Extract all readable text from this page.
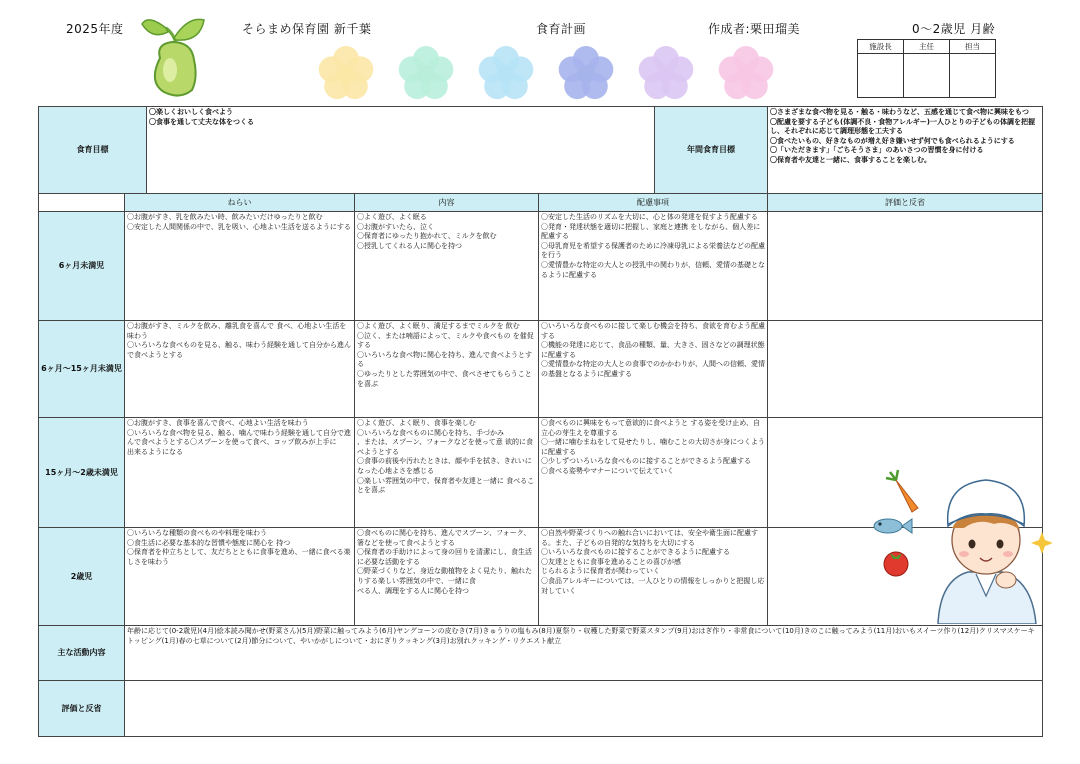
2025年度	そらまめ保育園 新千葉	食育計画	作成者:栗田瑠美	0〜2歳児 月齢
施設長	主任	担当

食育目標		〇楽しくおいしく食べよう
〇食事を通して丈夫な体をつくる			年間食育目標	〇さまざまな食べ物を見る・触る・味わうなど、五感を通じて食べ物に興味をもつ
〇配慮を要する子ども(体調不良・食物アレルギー)一人ひとりの子どもの体調を把握し、それぞれに応じて調理形態を工夫する
〇食べたいもの、好きなものが増え好き嫌いせず何でも食べられるようにする
〇「いただきます」「ごちそうさま」のあいさつの習慣を身に付ける
〇保育者や友達と一緒に、食事することを楽しむ。

	ねらい		内容	配慮事項		評価と反省
6ヶ月未満児	〇お腹がすき、乳を飲みたい時、飲みたいだけゆったりと飲む
〇安定した人間関係の中で、乳を吸い、心地よい生活を送るようにする		〇よく遊び、よく眠る
〇お腹がすいたら、泣く
〇保育者にゆったり抱かれて、ミルクを飲む
〇授乳してくれる人に関心を持つ	〇安定した生活のリズムを大切に、心と体の発達を促すよう配慮する
〇発育・発達状態を適切に把握し、家庭と連携 をしながら、個人差に配慮する
〇母乳育児を希望する保護者のために冷凍母乳による栄養法などの配慮を行う
〇愛情豊かな特定の大人との授乳中の関わりが、信頼、愛情の基礎となるように配慮する		

6ヶ月〜15ヶ月未満児	〇お腹がすき、ミルクを飲み、離乳食を喜んで 食べ、心地よい生活を味わう
〇いろいろな食べものを見る、触る、味わう経験を通して自分から進んで食べようとする		〇よく遊び、よく眠り、満足するまでミルクを 飲む
〇泣く、または喃語によって、ミルクや食べもの を催促する
〇いろいろな食べ物に関心を持ち、進んで食べようとする
〇ゆったりとした雰囲気の中で、食べさせてもらうことを喜ぶ	〇いろいろな食べものに接して楽しむ機会を持ち、食欲を育むよう配慮する
〇機能の発達に応じて、食品の種類、量、大きさ、固さなどの調理状態に配慮する
〇愛情豊かな特定の大人との食事でのかかわりが、人間への信頼、愛情の基盤となるように配慮する		

15ヶ月〜2歳未満児	〇お腹がすき、食事を喜んで食べ、心地よい生活を味わう
〇いろいろな食べ物を見る、触る、噛んで味わう経験を通して自分で進んで食べようとする〇スプーンを使って食べ、コップ飲みが上手に
出来るようになる		〇よく遊び、よく眠り、食事を楽しむ
〇いろいろな食べものに関心を持ち、手づかみ
、または、スプーン、フォークなどを使って意 欲的に食べようとする
〇食事の前後や汚れたときは、顔や手を拭き、きれいになった心地よさを感じる
〇楽しい雰囲気の中で、保育者や友達と一緒に 食べることを喜ぶ	〇食べものに興味をもって意欲的に食べようと する姿を受け止め、自立心の芽生えを尊重する
〇一緒に噛むまねをして見せたりし、噛むことの大切さが身につくように配慮する
〇少しずついろいろな食べものに接することができるよう配慮する
〇食べる姿勢やマナーについて伝えていく		

2歳児	〇いろいろな種類の食べものや料理を味わう
〇食生活に必要な基本的な習慣や態度に関心を 持つ
〇保育者を仲立ちとして、友だちとともに食事を進め、一緒に食べる楽しさを味わう		〇食べものに関心を持ち、進んでスプーン、フォーク、箸などを使って食べようとする
〇保育者の手助けによって身の回りを清潔にし、食生活に必要な活動をする
〇野菜づくりなど、身近な動植物をよく見たり、触れたりする楽しい雰囲気の中で、一緒に食
べる人、調理をする人に関心を持つ	〇自然や野菜づくりへの触れ合いにおいては、安全や衛生面に配慮する。また、子どもの自発的な気持ちを大切にする
〇いろいろな食べものに接することができるように配慮する
〇友達とともに食事を進めることの喜びが感
じられるように保育者が関わっていく
〇食品アレルギーについては、一人ひとりの情報をしっかりと把握し応対していく		

主な活動内容	年齢に応じて(0-2歳児)(4月)絵本読み聞かせ(野菜さん)(5月)野菜に触ってみよう(6月)ヤングコーンの皮むき(7月)きゅうりの塩もみ(8月)夏祭り・収穫した野菜で野菜スタンプ(9月)おはぎ作り・非常食について(10月)きのこに触ってみよう(11月)おいもスイーツ作り(12月)クリスマスケーキトッピング(1月)春の七草について(2月)節分について、やいかがしについて・おにぎりクッキング(3月)お別れクッキング・リクエスト献立					
評価と反省						
